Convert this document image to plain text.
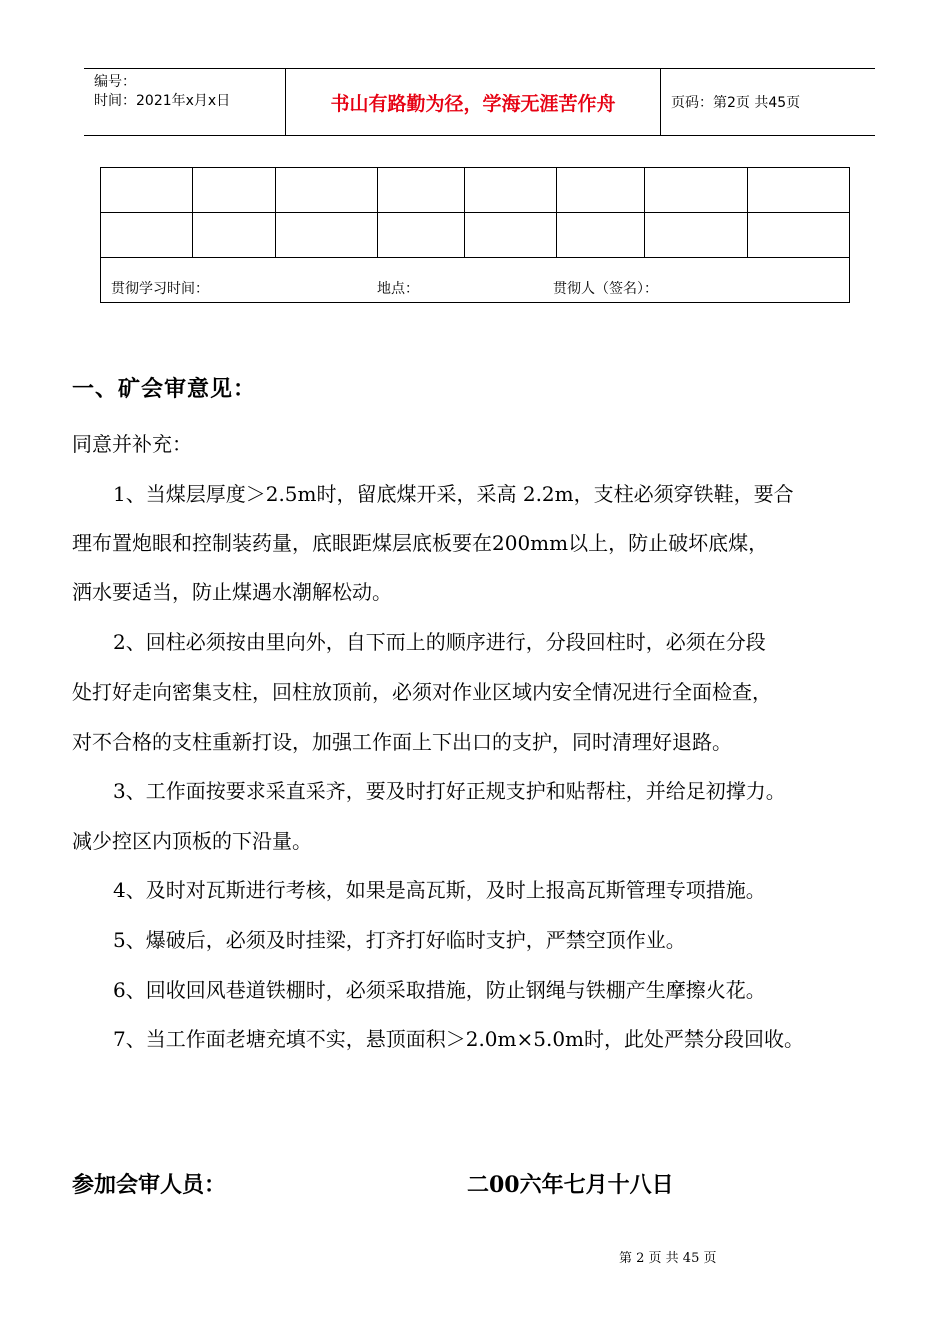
编号：
时间：2021年x月x日	书山有路勤为径，学海无涯苦作舟	页码：第2页 共45页

贯彻学习时间： 地点： 贯彻人（签名）：							
一、矿会审意见：
同意并补充：
1、当煤层厚度＞2.5m时，留底煤开采，采高 2.2m，支柱必须穿铁鞋，要合
理布置炮眼和控制装药量，底眼距煤层底板要在200mm以上，防止破坏底煤，
洒水要适当，防止煤遇水潮解松动。
2、回柱必须按由里向外，自下而上的顺序进行，分段回柱时，必须在分段
处打好走向密集支柱，回柱放顶前，必须对作业区域内安全情况进行全面检查，
对不合格的支柱重新打设，加强工作面上下出口的支护，同时清理好退路。
3、工作面按要求采直采齐，要及时打好正规支护和贴帮柱，并给足初撑力。
减少控区内顶板的下沿量。
4、及时对瓦斯进行考核，如果是高瓦斯，及时上报高瓦斯管理专项措施。
5、爆破后，必须及时挂梁，打齐打好临时支护，严禁空顶作业。
6、回收回风巷道铁棚时，必须采取措施，防止钢绳与铁棚产生摩擦火花。
7、当工作面老塘充填不实，悬顶面积＞2.0m×5.0m时，此处严禁分段回收。
参加会审人员：	二00六年七月十八日
第 2 页 共 45 页
